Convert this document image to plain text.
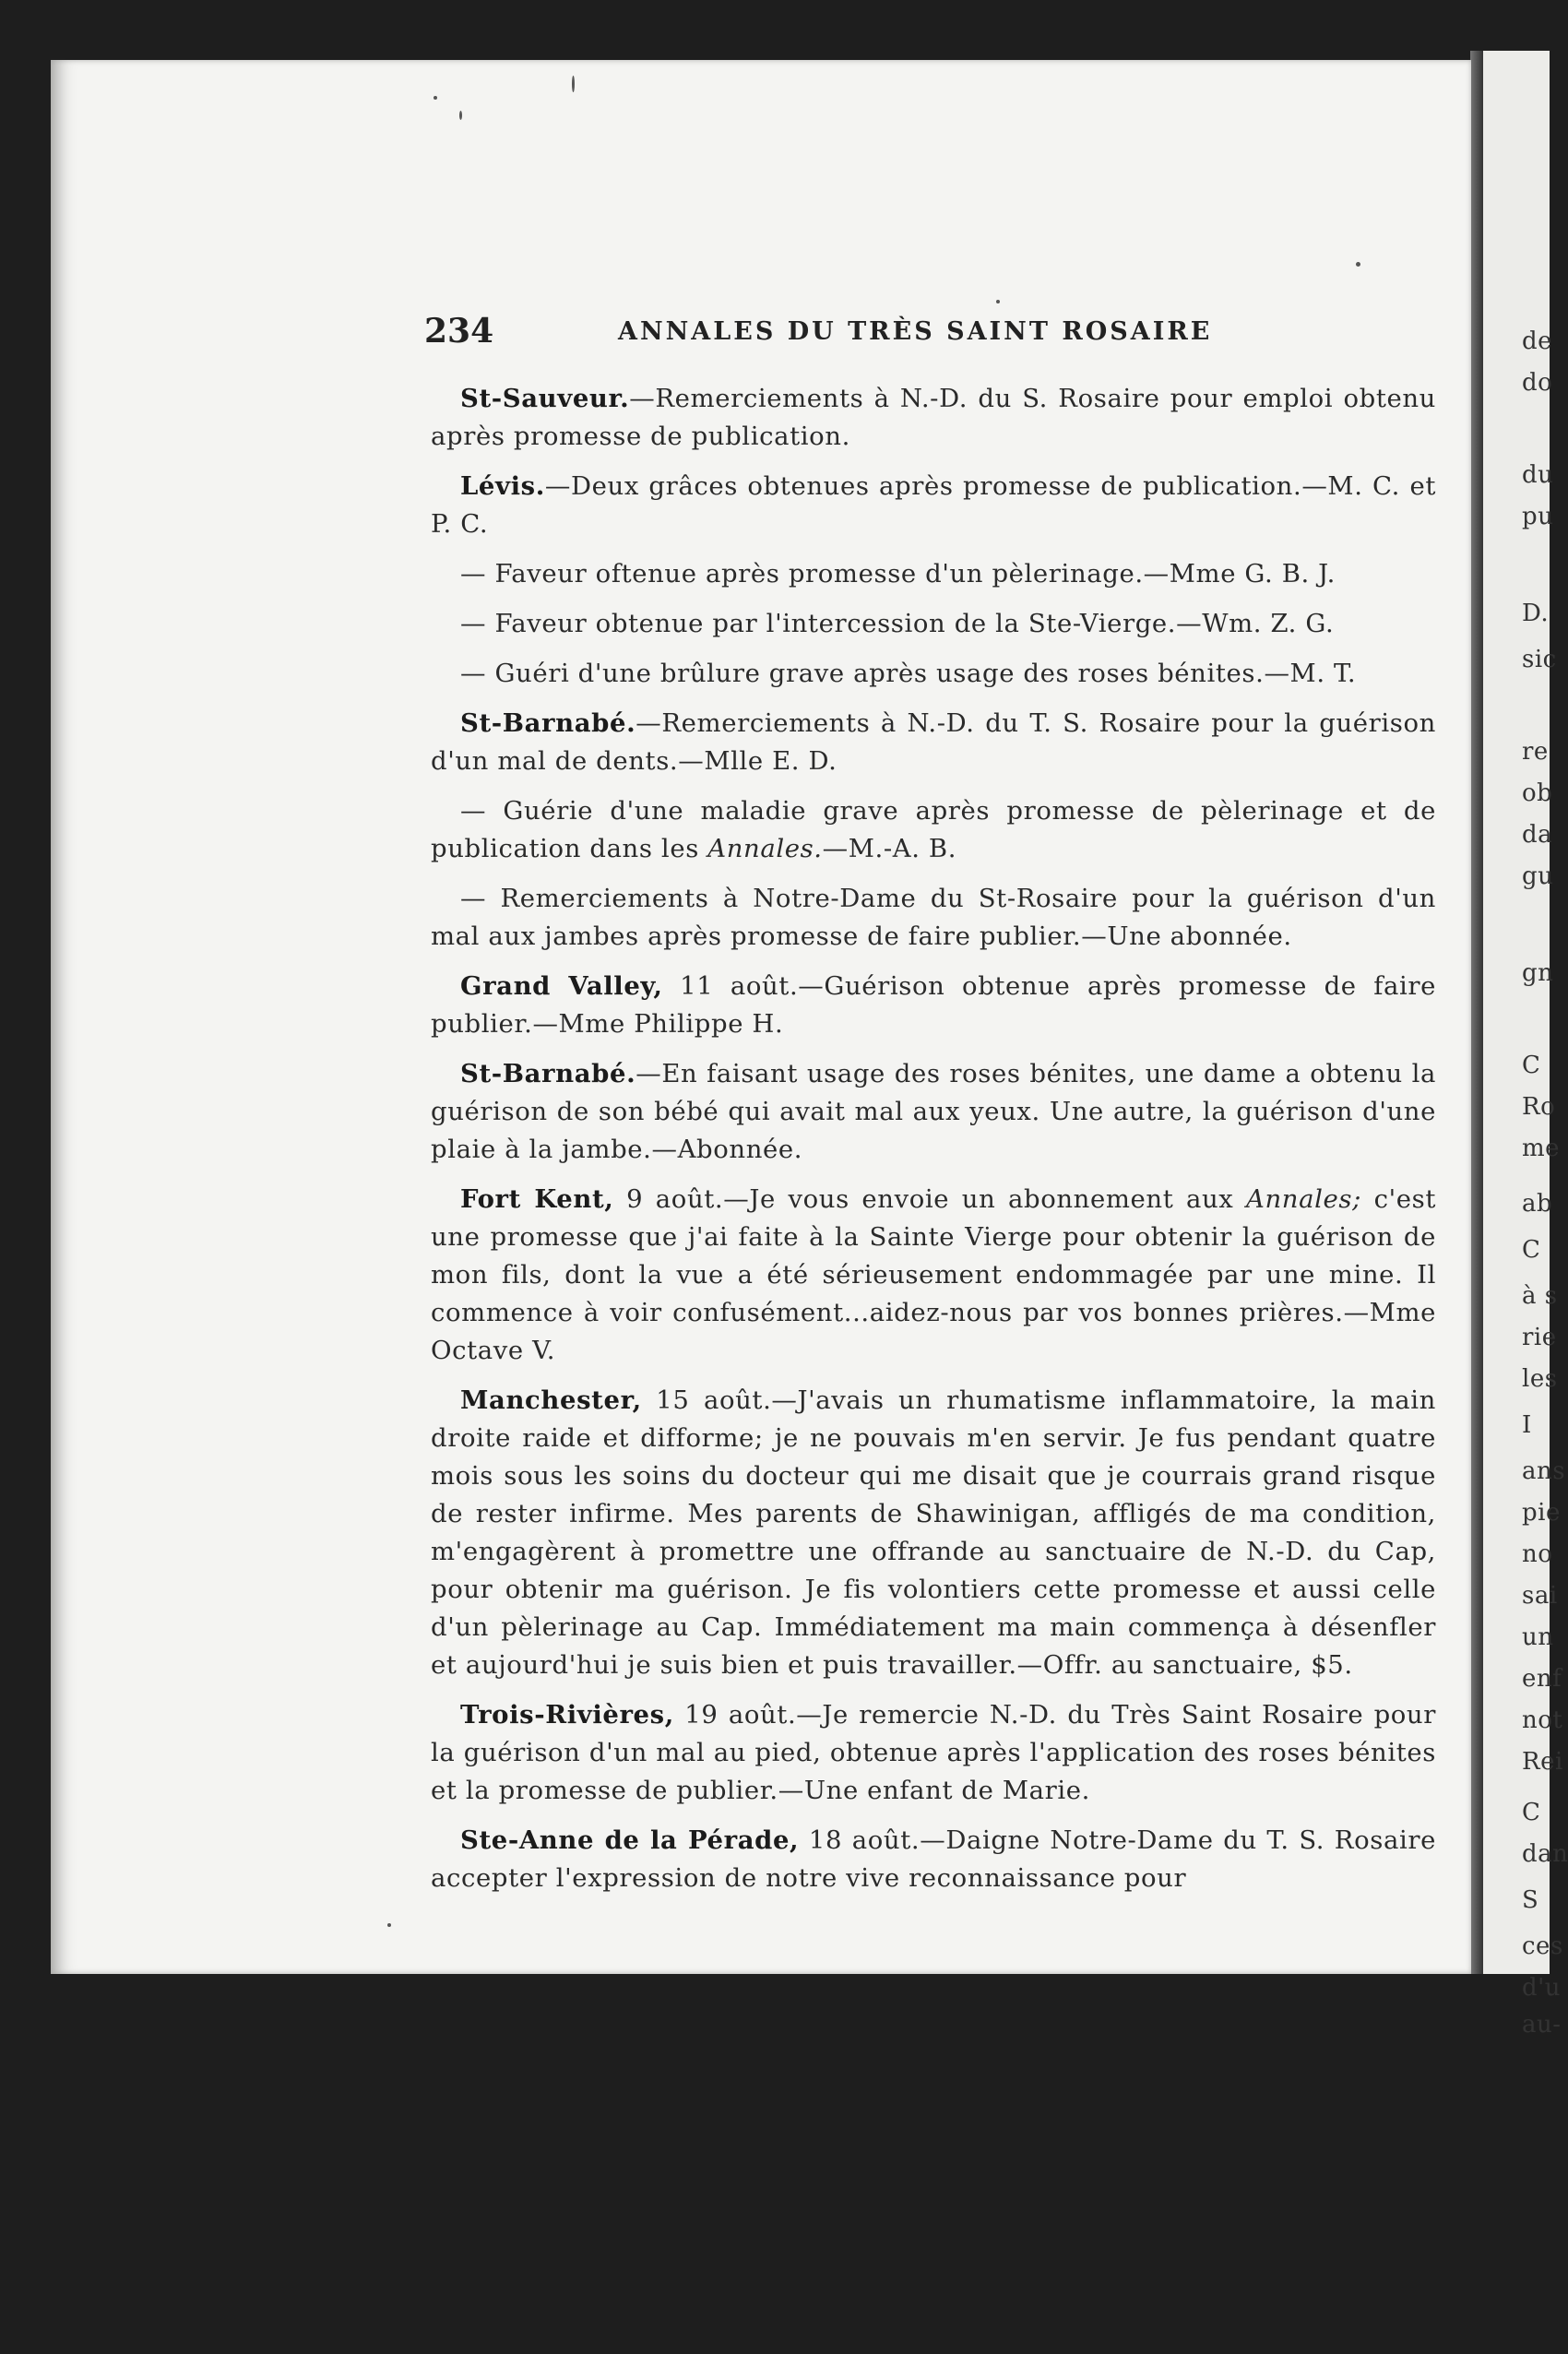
de
do
du
pu
D.
sic
re
ob
da
gu
gn
C
Ro
me
ab
C
à s
rie
les
I
ans
pie
no
sai
un
enf
not
Rei
C
dan
S
ces
d'u
au-
234	ANNALES DU TRÈS SAINT ROSAIRE

St-Sauveur.—Remerciements à N.-D. du S. Rosaire pour emploi obtenu après promesse de publication.

Lévis.—Deux grâces obtenues après promesse de publication.—M. C. et P. C.

— Faveur oftenue après promesse d'un pèlerinage.—Mme G. B. J.

— Faveur obtenue par l'intercession de la Ste-Vierge.—Wm. Z. G.

— Guéri d'une brûlure grave après usage des roses bénites.—M. T.

St-Barnabé.—Remerciements à N.-D. du T. S. Rosaire pour la guérison d'un mal de dents.—Mlle E. D.

— Guérie d'une maladie grave après promesse de pèlerinage et de publication dans les Annales.—M.-A. B.

— Remerciements à Notre-Dame du St-Rosaire pour la guérison d'un mal aux jambes après promesse de faire publier.—Une abonnée.

Grand Valley, 11 août.—Guérison obtenue après promesse de faire publier.—Mme Philippe H.

St-Barnabé.—En faisant usage des roses bénites, une dame a obtenu la guérison de son bébé qui avait mal aux yeux. Une autre, la guérison d'une plaie à la jambe.—Abonnée.

Fort Kent, 9 août.—Je vous envoie un abonnement aux Annales; c'est une promesse que j'ai faite à la Sainte Vierge pour obtenir la guérison de mon fils, dont la vue a été sérieusement endommagée par une mine. Il commence à voir confusément...aidez-nous par vos bonnes prières.—Mme Octave V.

Manchester, 15 août.—J'avais un rhumatisme inflammatoire, la main droite raide et difforme; je ne pouvais m'en servir. Je fus pendant quatre mois sous les soins du docteur qui me disait que je courrais grand risque de rester infirme. Mes parents de Shawinigan, affligés de ma condition, m'engagèrent à promettre une offrande au sanctuaire de N.-D. du Cap, pour obtenir ma guérison. Je fis volontiers cette promesse et aussi celle d'un pèlerinage au Cap. Immédiatement ma main commença à désenfler et aujourd'hui je suis bien et puis travailler.—Offr. au sanctuaire, $5.

Trois-Rivières, 19 août.—Je remercie N.-D. du Très Saint Rosaire pour la guérison d'un mal au pied, obtenue après l'application des roses bénites et la promesse de publier.—Une enfant de Marie.

Ste-Anne de la Pérade, 18 août.—Daigne Notre-Dame du T. S. Rosaire accepter l'expression de notre vive reconnaissance pour
